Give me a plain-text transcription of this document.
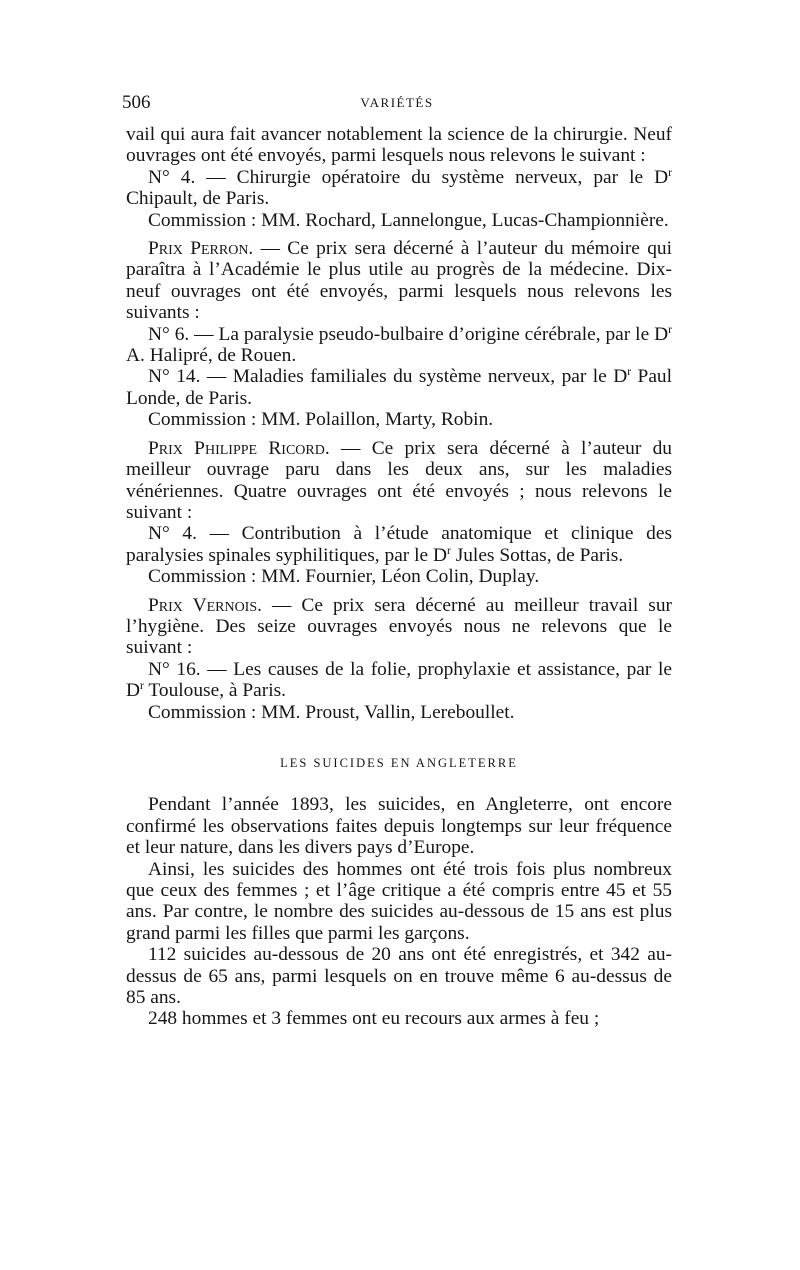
506	VARIÉTÉS

vail qui aura fait avancer notablement la science de la chirurgie. Neuf ouvrages ont été envoyés, parmi lesquels nous relevons le suivant :

N° 4. — Chirurgie opératoire du système nerveux, par le $D^r$ Chipault, de Paris.

Commission : MM. Rochard, Lannelongue, Lucas-Championnière.

Prix Perron. — Ce prix sera décerné à l’auteur du mémoire qui paraîtra à l’Académie le plus utile au progrès de la médecine. Dix-neuf ouvrages ont été envoyés, parmi lesquels nous relevons les suivants :

N° 6. — La paralysie pseudo-bulbaire d’origine cérébrale, par le $D^r$ A. Halipré, de Rouen.

N° 14. — Maladies familiales du système nerveux, par le $D^r$ Paul Londe, de Paris.

Commission : MM. Polaillon, Marty, Robin.

Prix Philippe Ricord. — Ce prix sera décerné à l’auteur du meilleur ouvrage paru dans les deux ans, sur les maladies vénériennes. Quatre ouvrages ont été envoyés ; nous relevons le suivant :

N° 4. — Contribution à l’étude anatomique et clinique des paralysies spinales syphilitiques, par le $D^r$ Jules Sottas, de Paris.

Commission : MM. Fournier, Léon Colin, Duplay.

Prix Vernois. — Ce prix sera décerné au meilleur travail sur l’hygiène. Des seize ouvrages envoyés nous ne relevons que le suivant :

N° 16. — Les causes de la folie, prophylaxie et assistance, par le $D^r$ Toulouse, à Paris.

Commission : MM. Proust, Vallin, Lereboullet.

LES SUICIDES EN ANGLETERRE

Pendant l’année 1893, les suicides, en Angleterre, ont encore confirmé les observations faites depuis longtemps sur leur fréquence et leur nature, dans les divers pays d’Europe.

Ainsi, les suicides des hommes ont été trois fois plus nombreux que ceux des femmes ; et l’âge critique a été compris entre 45 et 55 ans. Par contre, le nombre des suicides au-dessous de 15 ans est plus grand parmi les filles que parmi les garçons.

112 suicides au-dessous de 20 ans ont été enregistrés, et 342 au-dessus de 65 ans, parmi lesquels on en trouve même 6 au-dessus de 85 ans.

248 hommes et 3 femmes ont eu recours aux armes à feu ;
